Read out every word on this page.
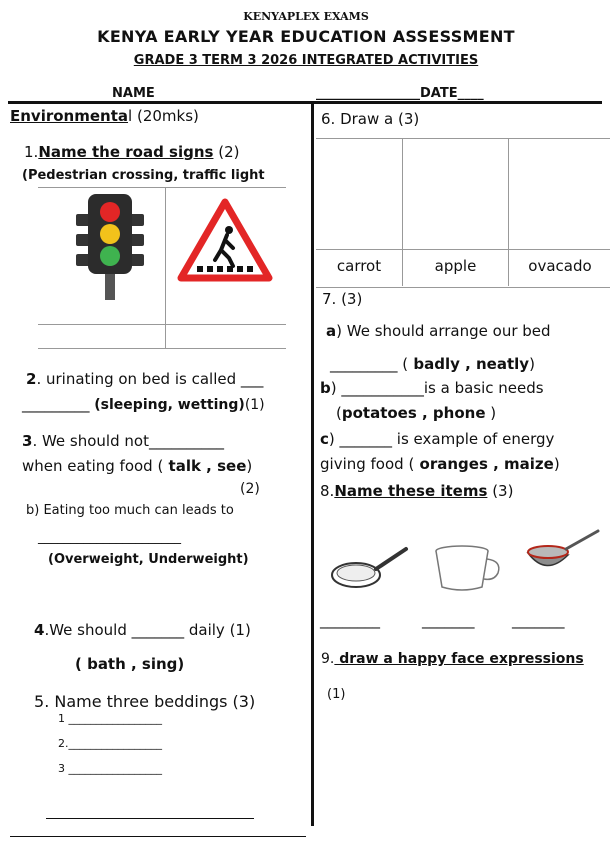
KENYAPLEX EXAMS
KENYA EARLY YEAR EDUCATION ASSESSMENT
GRADE 3 TERM 3 2026 INTEGRATED ACTIVITIES
NAME	________________DATE____
Environmental (20mks)
1.Name the road signs (2)
(Pedestrian crossing, traffic light
2. urinating on bed is called ___
_________ (sleeping, wetting)(1)
3. We should not__________
when eating food ( talk , see)
(2)
b) Eating too much can leads to
______________________
(Overweight, Underweight)
4.We should _______ daily (1)
( bath , sing)
5. Name three beddings (3)
1 _________________
2._________________
3 _________________
6. Draw a (3)
carrot	apple	ovacado
7. (3)
a) We should arrange our bed
_________ ( badly , neatly)
b) ___________is a basic needs
(potatoes , phone )
c) _______ is example of energy
giving food ( oranges , maize)
8.Name these items (3)
________	_______	_______
9. draw a happy face expressions
(1)
